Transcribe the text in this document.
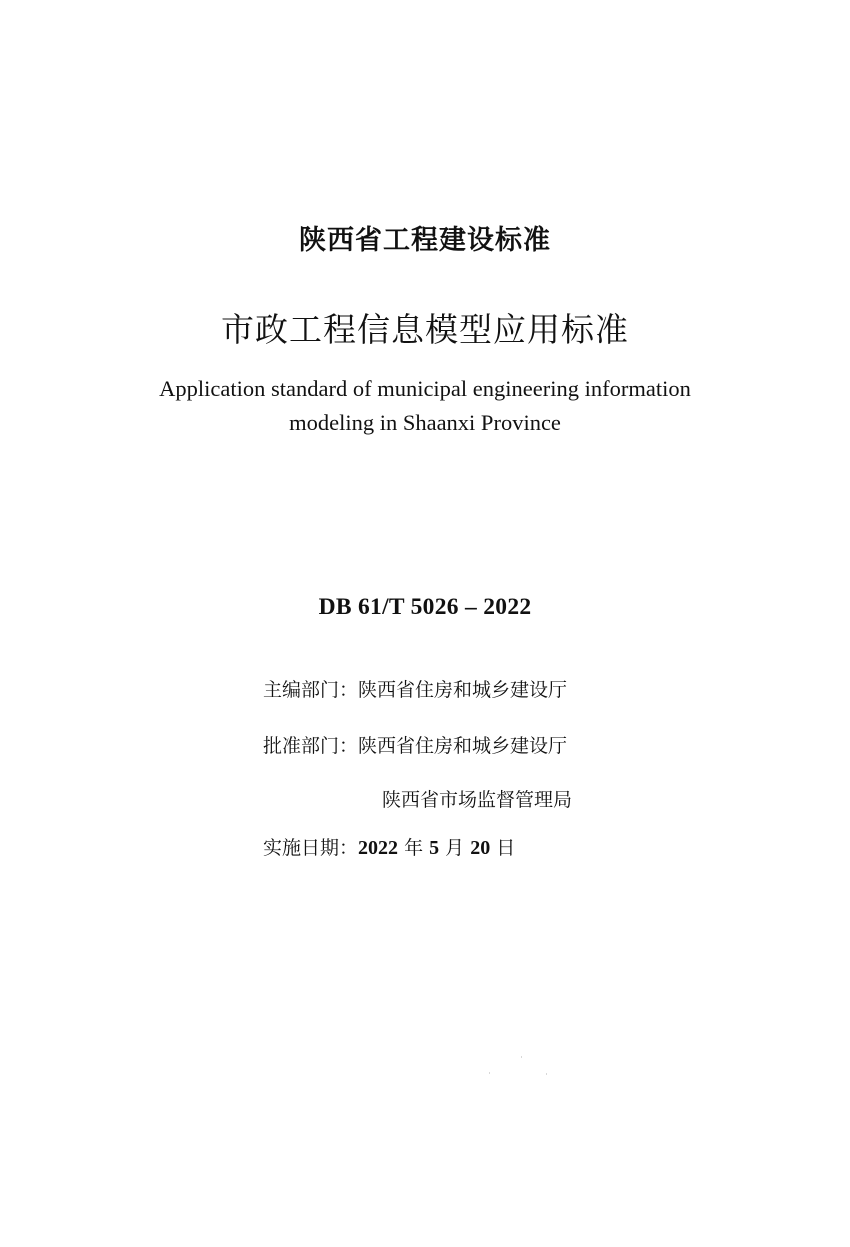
陕西省工程建设标准
市政工程信息模型应用标准
Application standard of municipal engineering information
modeling in Shaanxi Province
DB 61/T 5026 – 2022
主编部门：陕西省住房和城乡建设厅
批准部门：陕西省住房和城乡建设厅
陕西省市场监督管理局
实施日期：2022 年 5 月 20 日
